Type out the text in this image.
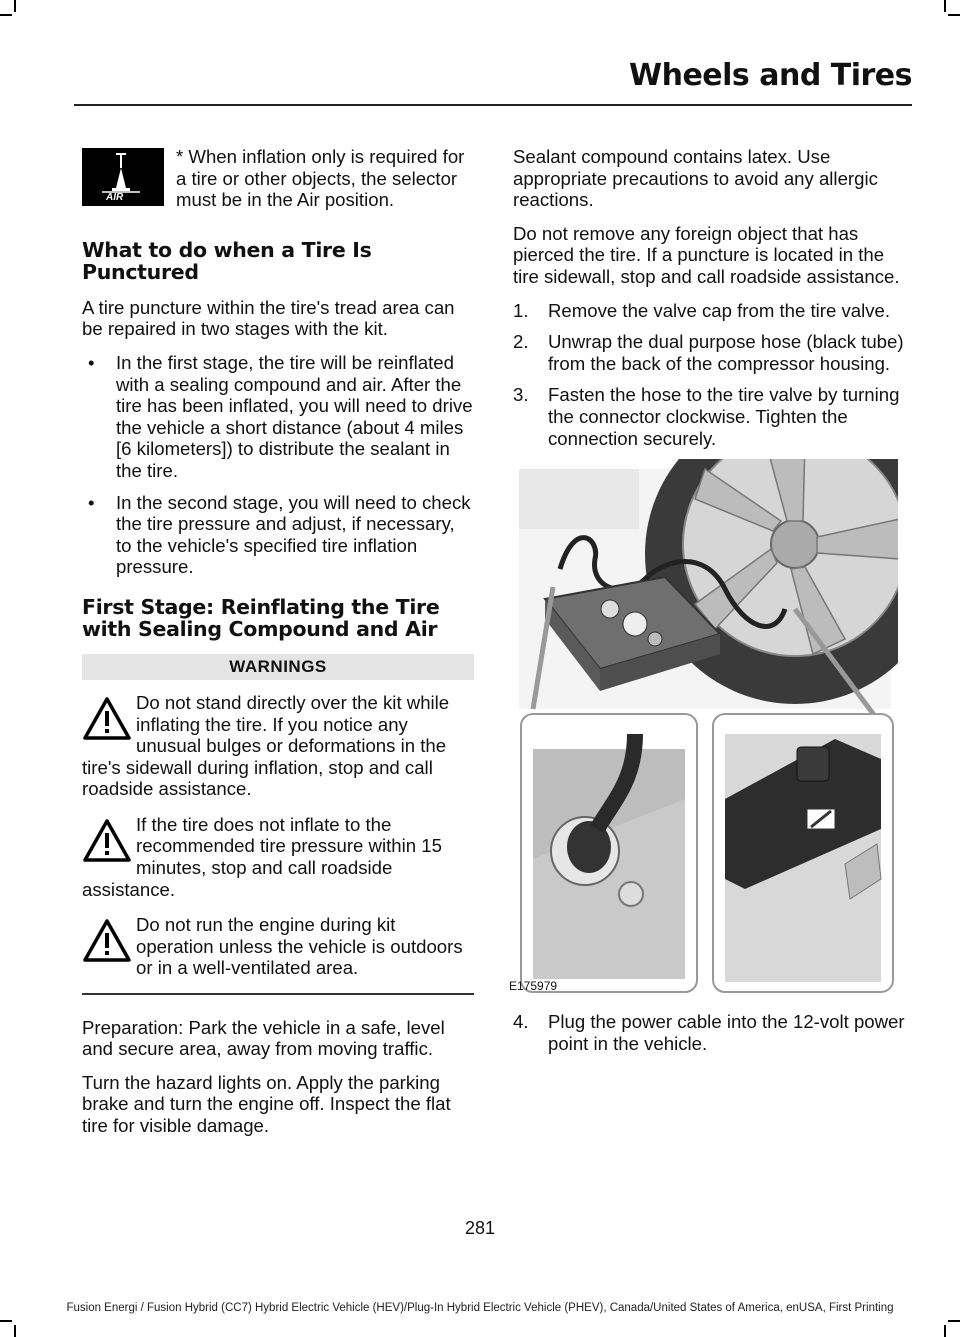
Wheels and Tires
AIR

* When inflation only is required for a tire or other objects, the selector must be in the Air position.

What to do when a Tire Is Punctured

A tire puncture within the tire's tread area can be repaired in two stages with the kit.

• In the first stage, the tire will be reinflated with a sealing compound and air. After the tire has been inflated, you will need to drive the vehicle a short distance (about 4 miles [6 kilometers]) to distribute the sealant in the tire.
• In the second stage, you will need to check the tire pressure and adjust, if necessary, to the vehicle's specified tire inflation pressure.
First Stage: Reinflating the Tire with Sealing Compound and Air
WARNINGS

Do not stand directly over the kit while inflating the tire. If you notice any unusual bulges or deformations in the tire's sidewall during inflation, stop and call roadside assistance.

If the tire does not inflate to the recommended tire pressure within 15 minutes, stop and call roadside assistance.

Do not run the engine during kit operation unless the vehicle is outdoors or in a well-ventilated area.

Preparation: Park the vehicle in a safe, level and secure area, away from moving traffic.

Turn the hazard lights on. Apply the parking brake and turn the engine off. Inspect the flat tire for visible damage.

Sealant compound contains latex. Use appropriate precautions to avoid any allergic reactions.

Do not remove any foreign object that has pierced the tire. If a puncture is located in the tire sidewall, stop and call roadside assistance.

1. Remove the valve cap from the tire valve.
2. Unwrap the dual purpose hose (black tube) from the back of the compressor housing.
3. Fasten the hose to the tire valve by turning the connector clockwise. Tighten the connection securely.
E175979
4. Plug the power cable into the 12-volt power point in the vehicle.
281
Fusion Energi / Fusion Hybrid (CC7) Hybrid Electric Vehicle (HEV)/Plug-In Hybrid Electric Vehicle (PHEV), Canada/United States of America, enUSA, First Printing
